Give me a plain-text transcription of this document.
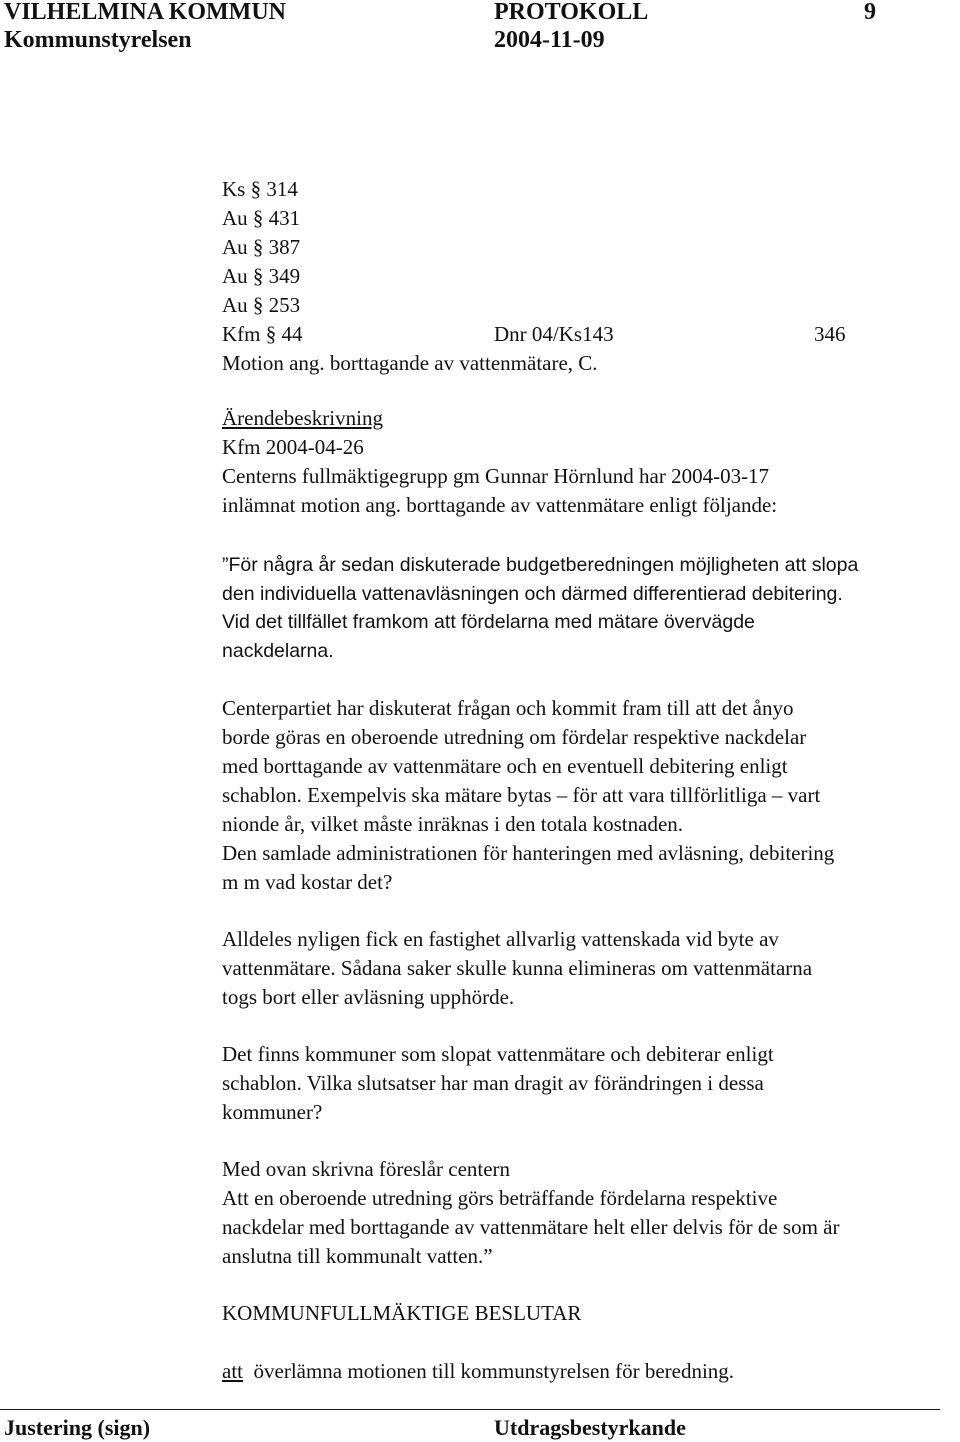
VILHELMINA KOMMUN	PROTOKOLL	9
Kommunstyrelsen	2004-11-09
Ks § 314
Au § 431
Au § 387
Au § 349
Au § 253
Kfm § 44	Dnr 04/Ks143	346
Motion ang. borttagande av vattenmätare, C.
Ärendebeskrivning
Kfm 2004-04-26
Centerns fullmäktigegrupp gm Gunnar Hörnlund har 2004-03-17
inlämnat motion ang. borttagande av vattenmätare enligt följande:
”För några år sedan diskuterade budgetberedningen möjligheten att slopa
den individuella vattenavläsningen och därmed differentierad debitering.
Vid det tillfället framkom att fördelarna med mätare övervägde
nackdelarna.
Centerpartiet har diskuterat frågan och kommit fram till att det ånyo
borde göras en oberoende utredning om fördelar respektive nackdelar
med borttagande av vattenmätare och en eventuell debitering enligt
schablon. Exempelvis ska mätare bytas – för att vara tillförlitliga – vart
nionde år, vilket måste inräknas i den totala kostnaden.
Den samlade administrationen för hanteringen med avläsning, debitering
m m vad kostar det?
Alldeles nyligen fick en fastighet allvarlig vattenskada vid byte av
vattenmätare. Sådana saker skulle kunna elimineras om vattenmätarna
togs bort eller avläsning upphörde.
Det finns kommuner som slopat vattenmätare och debiterar enligt
schablon. Vilka slutsatser har man dragit av förändringen i dessa
kommuner?
Med ovan skrivna föreslår centern
Att en oberoende utredning görs beträffande fördelarna respektive
nackdelar med borttagande av vattenmätare helt eller delvis för de som är
anslutna till kommunalt vatten.”
KOMMUNFULLMÄKTIGE BESLUTAR
att överlämna motionen till kommunstyrelsen för beredning.
Justering (sign)	Utdragsbestyrkande
